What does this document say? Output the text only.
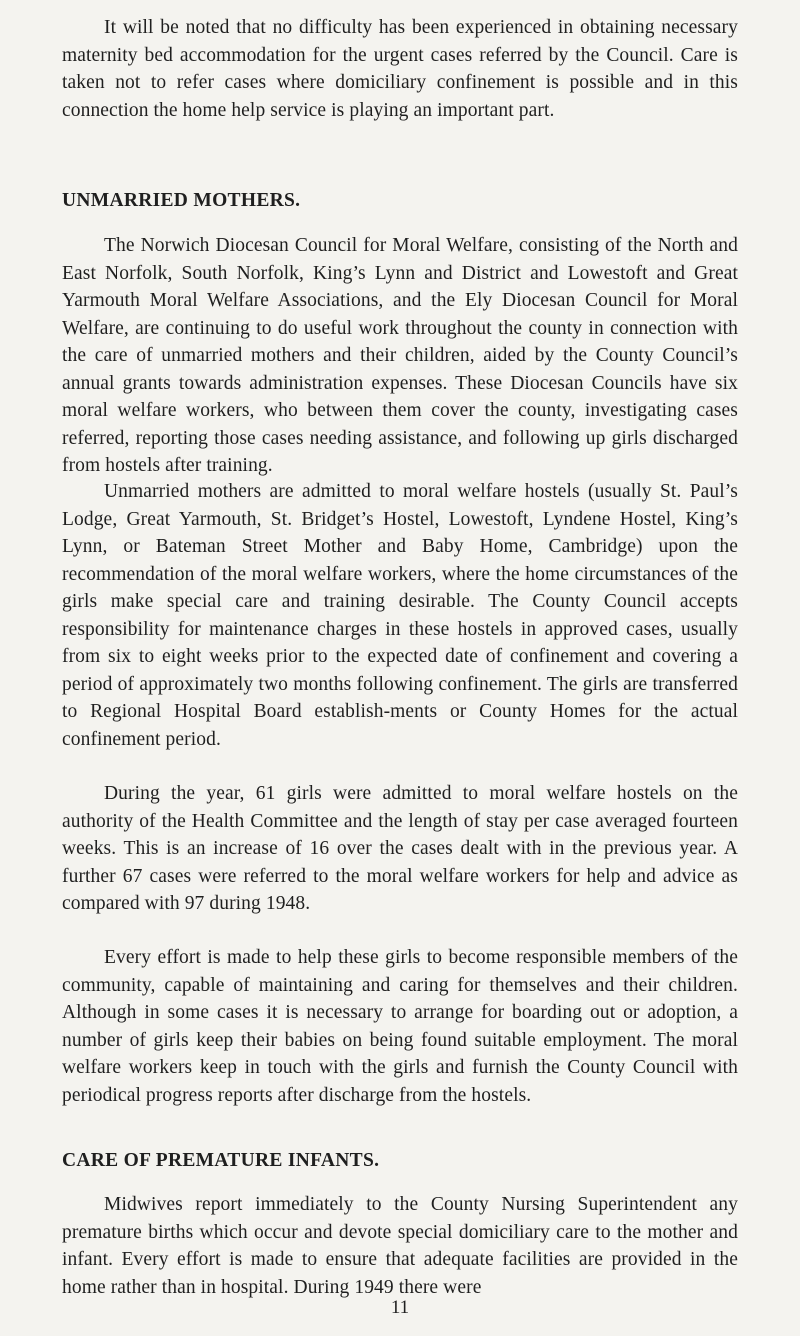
It will be noted that no difficulty has been experienced in obtaining necessary maternity bed accommodation for the urgent cases referred by the Council. Care is taken not to refer cases where domiciliary confinement is possible and in this connection the home help service is playing an important part.

UNMARRIED MOTHERS.

The Norwich Diocesan Council for Moral Welfare, consisting of the North and East Norfolk, South Norfolk, King’s Lynn and District and Lowestoft and Great Yarmouth Moral Welfare Associations, and the Ely Diocesan Council for Moral Welfare, are continuing to do useful work throughout the county in connection with the care of unmarried mothers and their children, aided by the County Council’s annual grants towards administration expenses. These Diocesan Councils have six moral welfare workers, who between them cover the county, investigating cases referred, reporting those cases needing assistance, and following up girls discharged from hostels after training.

Unmarried mothers are admitted to moral welfare hostels (usually St. Paul’s Lodge, Great Yarmouth, St. Bridget’s Hostel, Lowestoft, Lyndene Hostel, King’s Lynn, or Bateman Street Mother and Baby Home, Cambridge) upon the recommendation of the moral welfare workers, where the home circumstances of the girls make special care and training desirable. The County Council accepts responsibility for maintenance charges in these hostels in approved cases, usually from six to eight weeks prior to the expected date of confinement and covering a period of approximately two months following confinement. The girls are transferred to Regional Hospital Board establish-ments or County Homes for the actual confinement period.

During the year, 61 girls were admitted to moral welfare hostels on the authority of the Health Committee and the length of stay per case averaged fourteen weeks. This is an increase of 16 over the cases dealt with in the previous year. A further 67 cases were referred to the moral welfare workers for help and advice as compared with 97 during 1948.

Every effort is made to help these girls to become responsible members of the community, capable of maintaining and caring for themselves and their children. Although in some cases it is necessary to arrange for boarding out or adoption, a number of girls keep their babies on being found suitable employment. The moral welfare workers keep in touch with the girls and furnish the County Council with periodical progress reports after discharge from the hostels.

CARE OF PREMATURE INFANTS.

Midwives report immediately to the County Nursing Superintendent any premature births which occur and devote special domiciliary care to the mother and infant. Every effort is made to ensure that adequate facilities are provided in the home rather than in hospital. During 1949 there were

11
